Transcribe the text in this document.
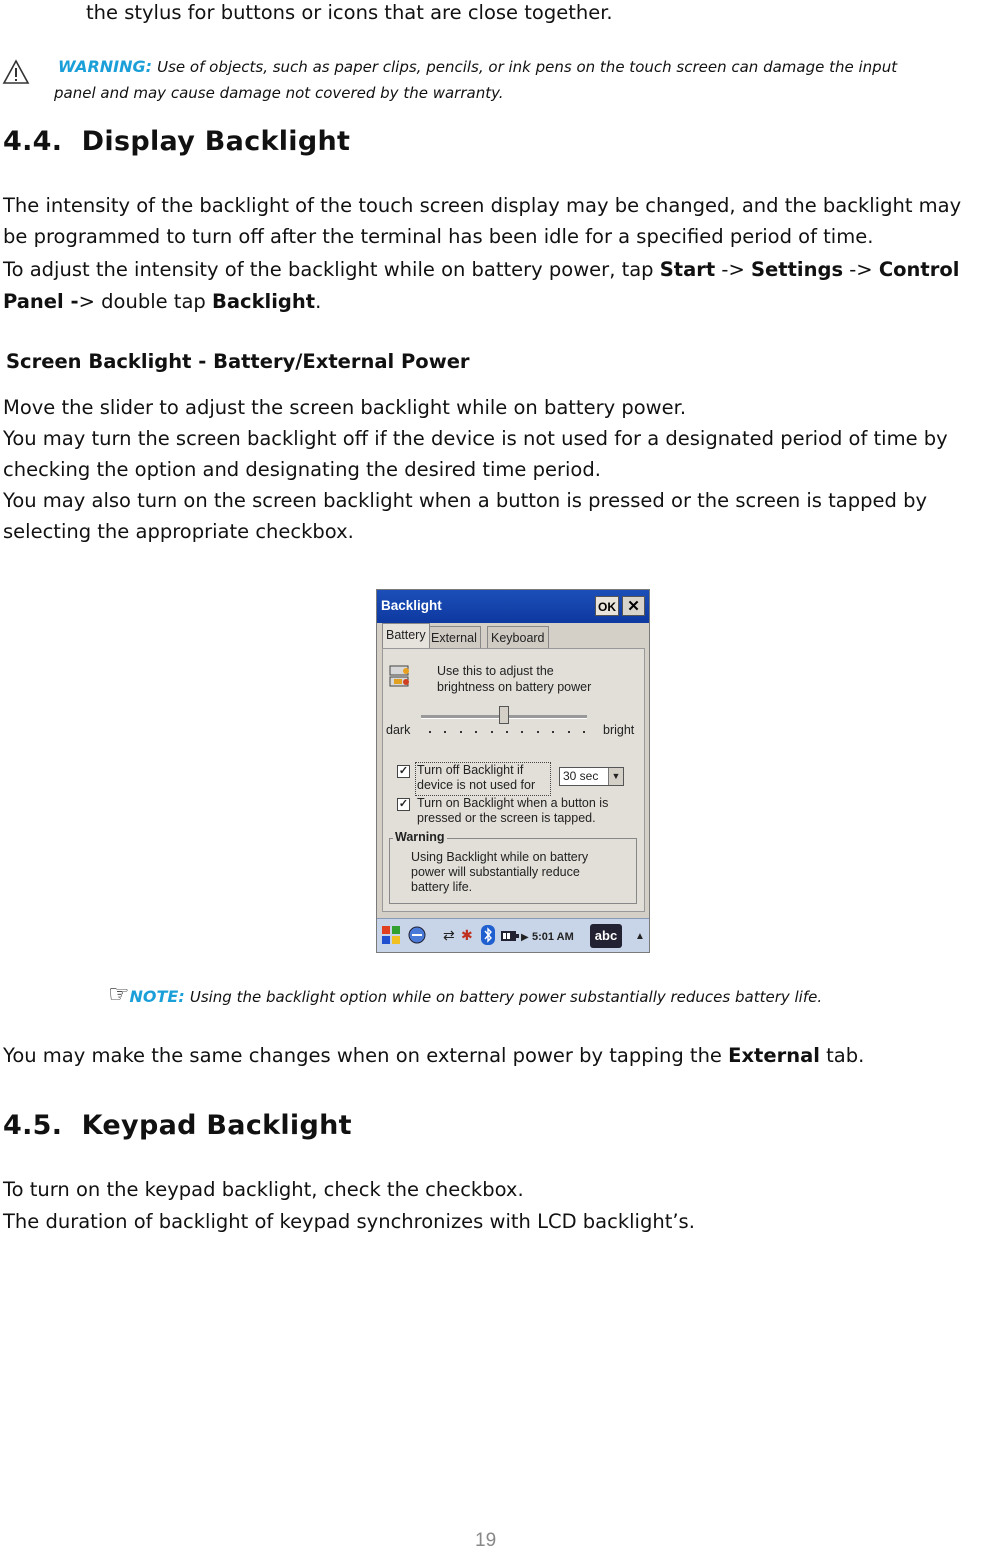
the stylus for buttons or icons that are close together.
WARNING: Use of objects, such as paper clips, pencils, or ink pens on the touch screen can damage the input
panel and may cause damage not covered by the warranty.
4.4.  Display Backlight
The intensity of the backlight of the touch screen display may be changed, and the backlight may
be programmed to turn off after the terminal has been idle for a specified period of time.
To adjust the intensity of the backlight while on battery power, tap Start -> Settings -> Control
Panel -> double tap Backlight.
Screen Backlight - Battery/External Power
Move the slider to adjust the screen backlight while on battery power.
You may turn the screen backlight off if the device is not used for a designated period of time by
checking the option and designating the desired time period.
You may also turn on the screen backlight when a button is pressed or the screen is tapped by
selecting the appropriate checkbox.
Backlight	OK ✕
Keyboard
External
Battery
Use this to adjust the
brightness on battery power
dark	bright
✓ Turn off Backlight if
device is not used for
30 sec	▼
✓ Turn on Backlight when a button is
pressed or the screen is tapped.
Warning
Using Backlight while on battery
power will substantially reduce
battery life.
⇄ ✱	▶ 5:01 AM	abc	▲
☞NOTE: Using the backlight option while on battery power substantially reduces battery life.
You may make the same changes when on external power by tapping the External tab.
4.5.  Keypad Backlight
To turn on the keypad backlight, check the checkbox.
The duration of backlight of keypad synchronizes with LCD backlight’s.
19
